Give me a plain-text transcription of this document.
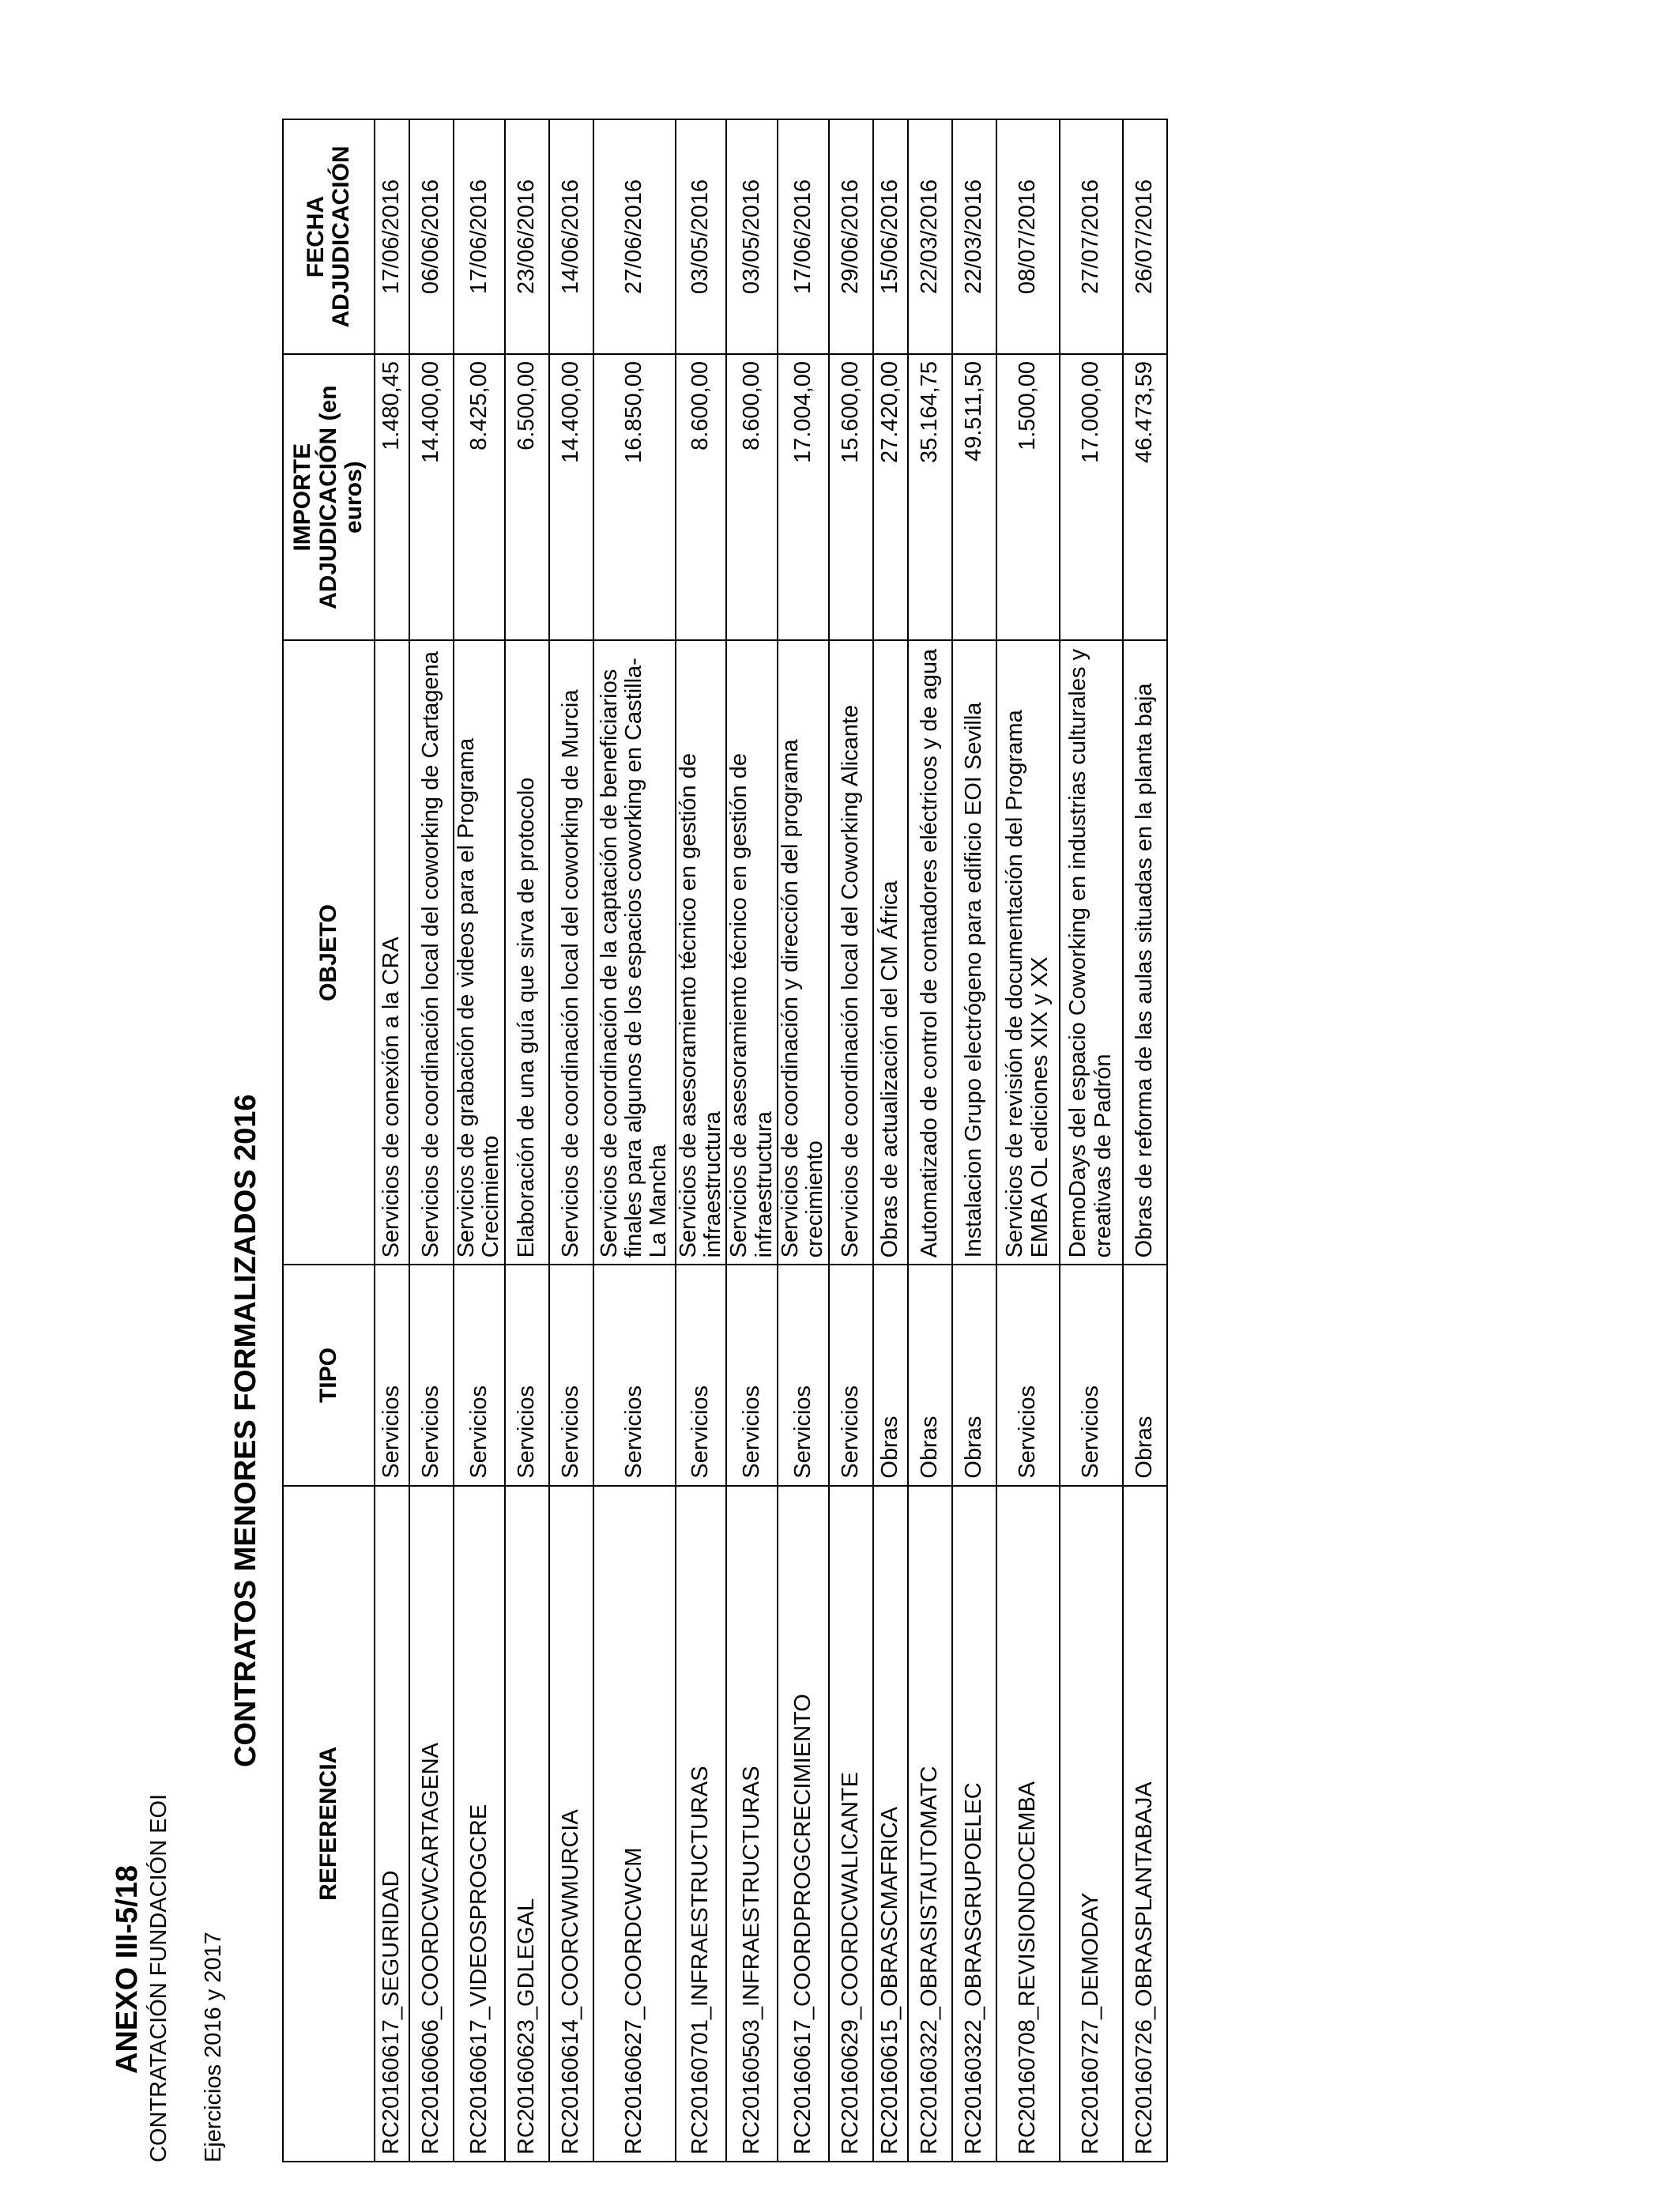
CONTRATACIÓN FUNDACIÓN EOI Ejercicios 2016 y 2017
ANEXO III-5/18
CONTRATOS MENORES FORMALIZADOS 2016
REFERENCIA	TIPO	OBJETO	IMPORTE ADJUDICACIÓN (en euros)	FECHA ADJUDICACIÓN
RC20160617_SEGURIDAD	Servicios	Servicios de conexión a la CRA	1.480,45	17/06/2016
RC20160606_COORDCWCARTAGENA	Servicios	Servicios de coordinación local del coworking de Cartagena	14.400,00	06/06/2016
RC20160617_VIDEOSPROGCRE	Servicios	Servicios de grabación de videos para el Programa Crecimiento	8.425,00	17/06/2016
RC20160623_GDLEGAL	Servicios	Elaboración de una guía que sirva de protocolo	6.500,00	23/06/2016
RC20160614_COORCWMURCIA	Servicios	Servicios de coordinación local del coworking de Murcia	14.400,00	14/06/2016
RC20160627_COORDCWCM	Servicios	Servicios de coordinación de la captación de beneficiarios finales para algunos de los espacios coworking en Castilla-La Mancha	16.850,00	27/06/2016
RC20160701_INFRAESTRUCTURAS	Servicios	Servicios de asesoramiento técnico en gestión de infraestructura	8.600,00	03/05/2016
RC20160503_INFRAESTRUCTURAS	Servicios	Servicios de asesoramiento técnico en gestión de infraestructura	8.600,00	03/05/2016
RC20160617_COORDPROGCRECIMIENTO	Servicios	Servicios de coordinación y dirección del programa crecimiento	17.004,00	17/06/2016
RC20160629_COORDCWALICANTE	Servicios	Servicios de coordinación local del Coworking Alicante	15.600,00	29/06/2016
RC20160615_OBRASCMAFRICA	Obras	Obras de actualización del CM África	27.420,00	15/06/2016
RC20160322_OBRASISTAUTOMATC	Obras	Automatizado de control de contadores eléctricos y de agua	35.164,75	22/03/2016
RC20160322_OBRASGRUPOELEC	Obras	Instalacion Grupo electrógeno para edificio EOI Sevilla	49.511,50	22/03/2016
RC20160708_REVISIONDOCEMBA	Servicios	Servicios de revisión de documentación del Programa EMBA OL ediciones XIX y XX	1.500,00	08/07/2016
RC20160727_DEMODAY	Servicios	DemoDays del espacio Coworking en industrias culturales y creativas de Padrón	17.000,00	27/07/2016
RC20160726_OBRASPLANTABAJA	Obras	Obras de reforma de las aulas situadas en la planta baja	46.473,59	26/07/2016
